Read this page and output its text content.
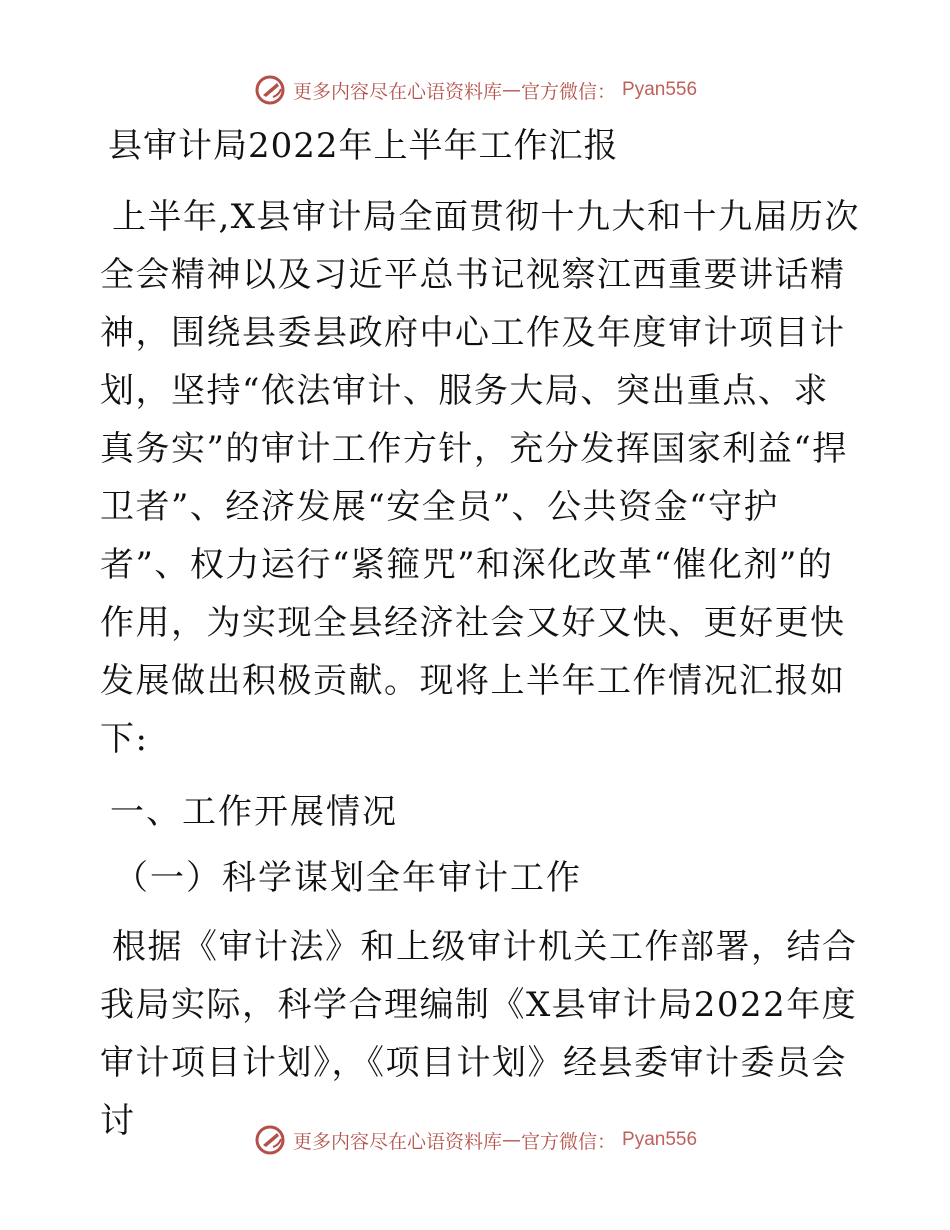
更多内容尽在心语资料库 — 官方微信 ： Pyan556
县审计局2022年上半年工作汇报

上半年,X县审计局全面贯彻十九大和十九届历次全会精神以及习近平总书记视察江西重要讲话精神，围绕县委县政府中心工作及年度审计项目计划，坚持“依法审计、服务大局、突出重点、求真务实”的审计工作方针，充分发挥国家利益“捍卫者”、经济发展“安全员”、公共资金“守护者”、权力运行“紧箍咒”和深化改革“催化剂”的作用，为实现全县经济社会又好又快、更好更快发展做出积极贡献。现将上半年工作情况汇报如下:

一、工作开展情况
（一）科学谋划全年审计工作

根据《审计法》和上级审计机关工作部署，结合我局实际，科学合理编制《X县审计局2022年度审计项目计划》，《项目计划》经县委审计委员会讨

更多内容尽在心语资料库 — 官方微信 ： Pyan556
